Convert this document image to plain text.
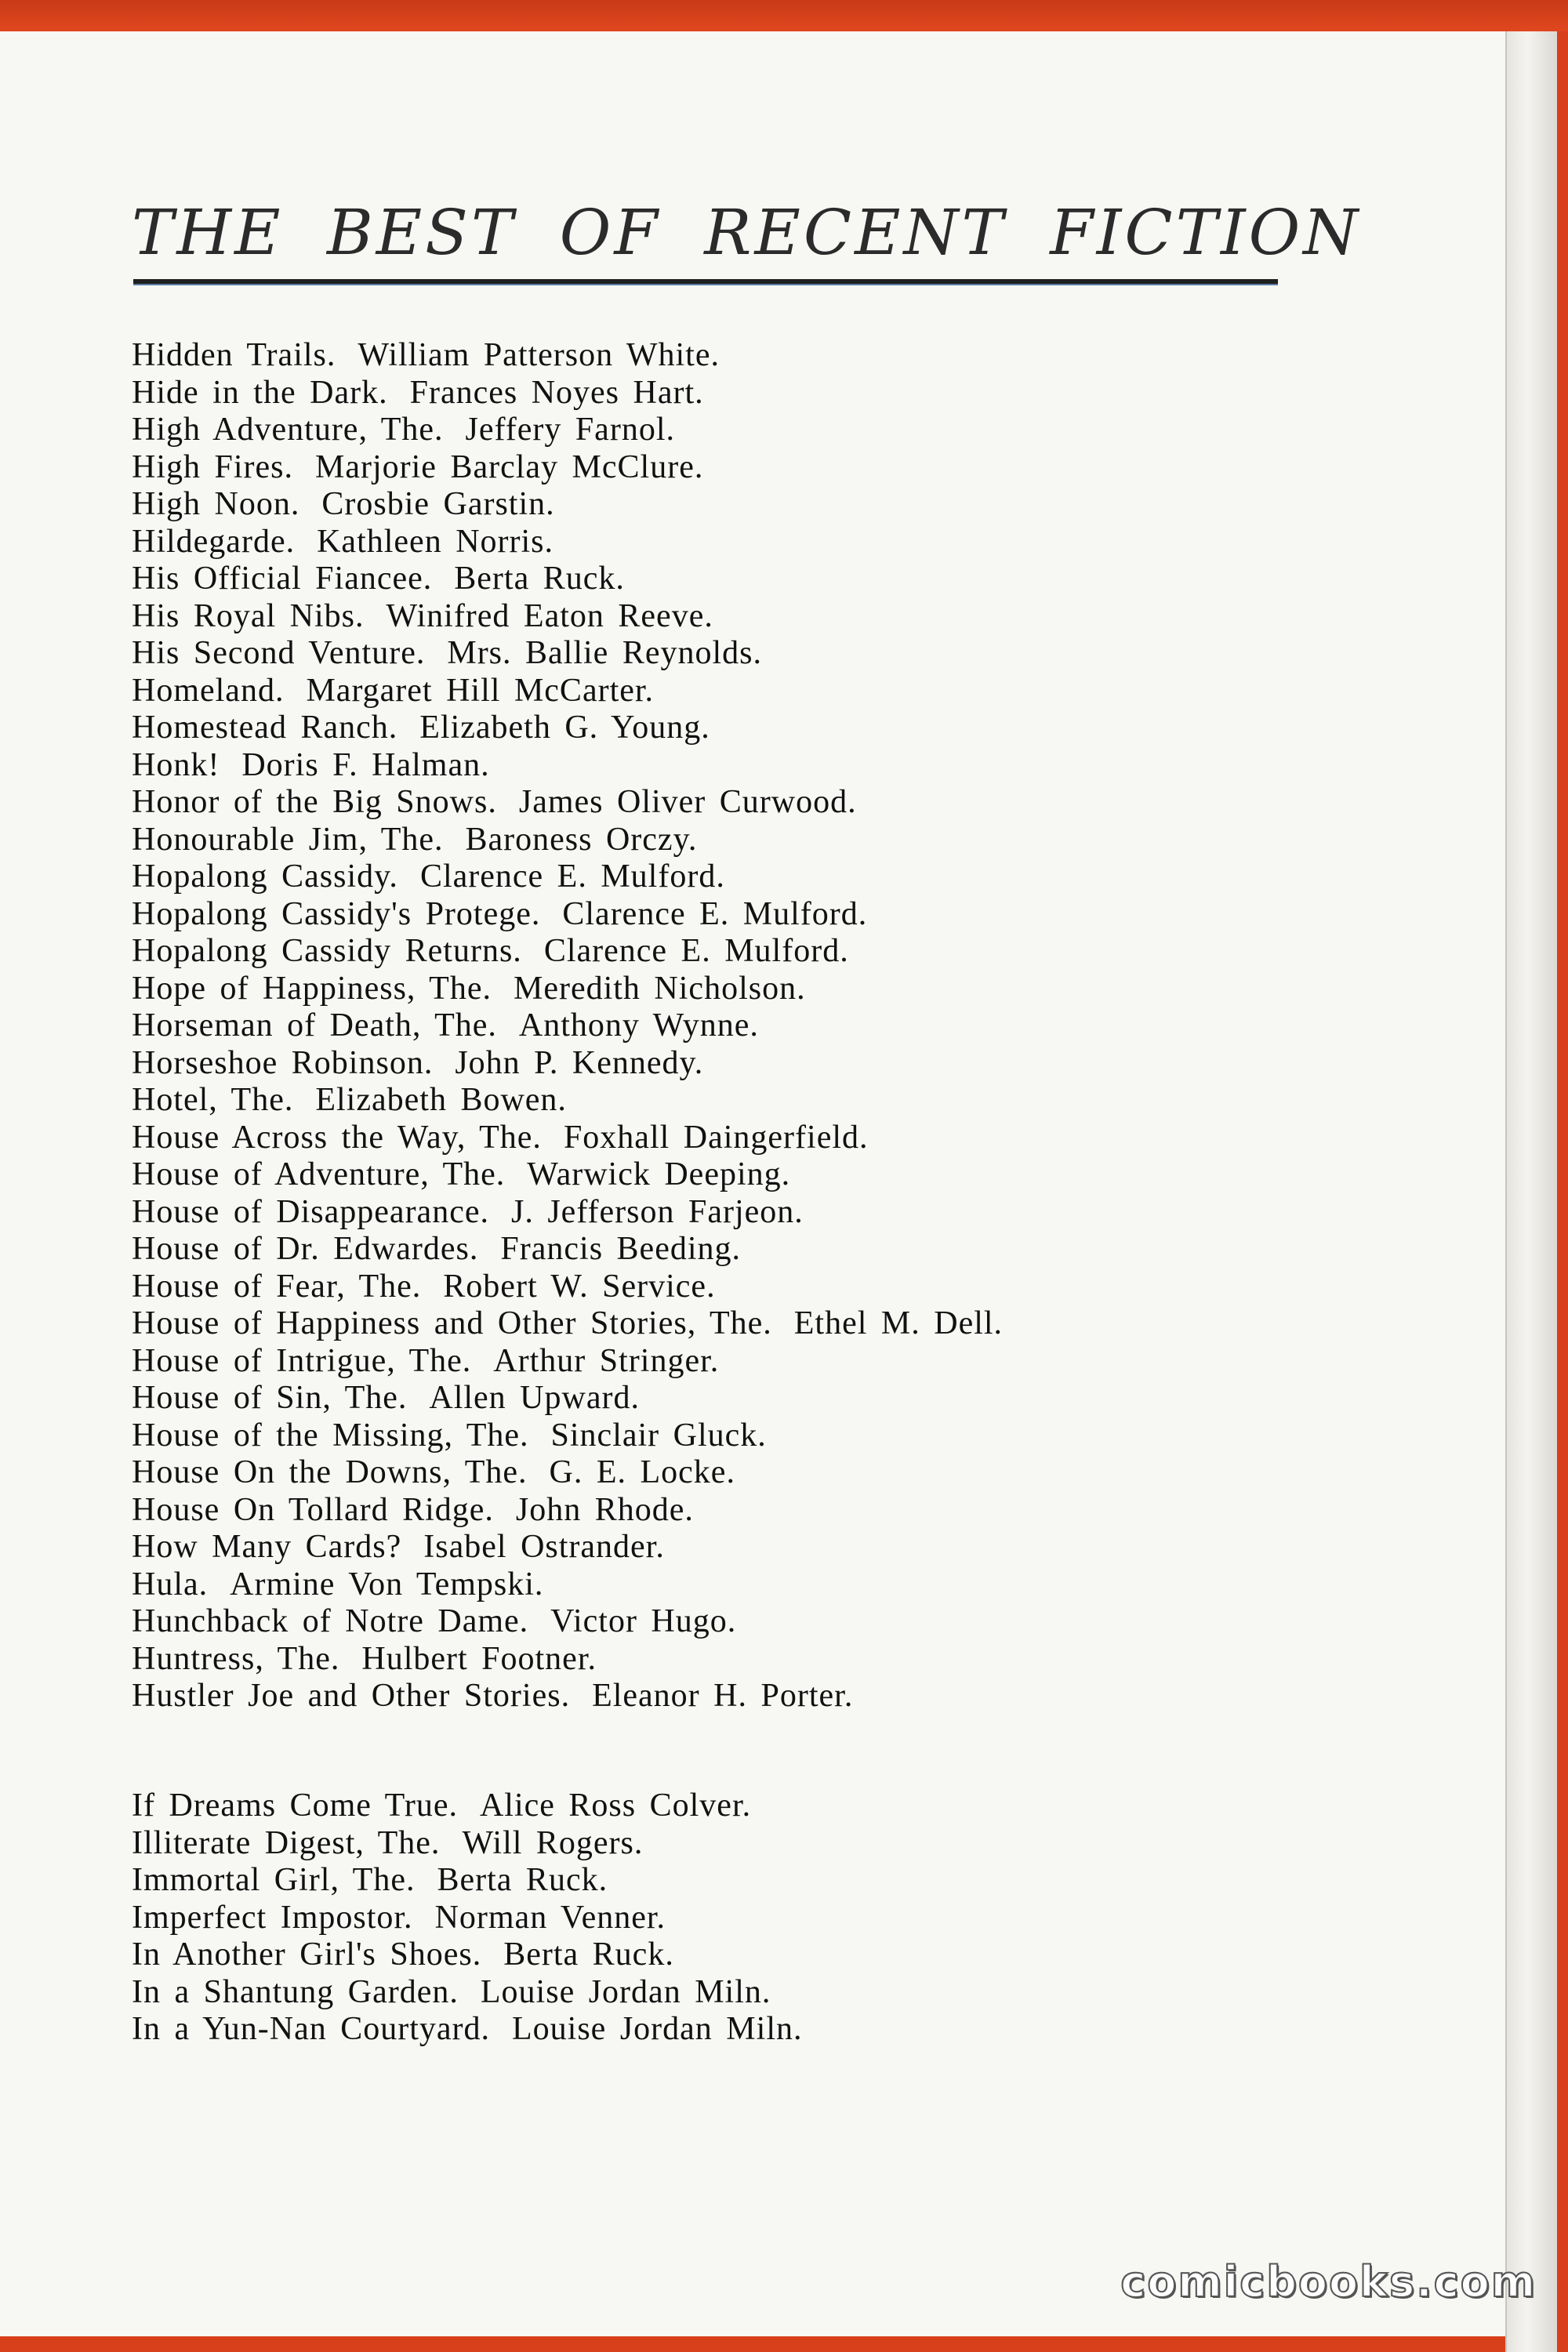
THE BEST OF RECENT FICTION
Hidden Trails. William Patterson White.
Hide in the Dark. Frances Noyes Hart.
High Adventure, The. Jeffery Farnol.
High Fires. Marjorie Barclay McClure.
High Noon. Crosbie Garstin.
Hildegarde. Kathleen Norris.
His Official Fiancee. Berta Ruck.
His Royal Nibs. Winifred Eaton Reeve.
His Second Venture. Mrs. Ballie Reynolds.
Homeland. Margaret Hill McCarter.
Homestead Ranch. Elizabeth G. Young.
Honk! Doris F. Halman.
Honor of the Big Snows. James Oliver Curwood.
Honourable Jim, The. Baroness Orczy.
Hopalong Cassidy. Clarence E. Mulford.
Hopalong Cassidy's Protege. Clarence E. Mulford.
Hopalong Cassidy Returns. Clarence E. Mulford.
Hope of Happiness, The. Meredith Nicholson.
Horseman of Death, The. Anthony Wynne.
Horseshoe Robinson. John P. Kennedy.
Hotel, The. Elizabeth Bowen.
House Across the Way, The. Foxhall Daingerfield.
House of Adventure, The. Warwick Deeping.
House of Disappearance. J. Jefferson Farjeon.
House of Dr. Edwardes. Francis Beeding.
House of Fear, The. Robert W. Service.
House of Happiness and Other Stories, The. Ethel M. Dell.
House of Intrigue, The. Arthur Stringer.
House of Sin, The. Allen Upward.
House of the Missing, The. Sinclair Gluck.
House On the Downs, The. G. E. Locke.
House On Tollard Ridge. John Rhode.
How Many Cards? Isabel Ostrander.
Hula. Armine Von Tempski.
Hunchback of Notre Dame. Victor Hugo.
Huntress, The. Hulbert Footner.
Hustler Joe and Other Stories. Eleanor H. Porter.
If Dreams Come True. Alice Ross Colver.
Illiterate Digest, The. Will Rogers.
Immortal Girl, The. Berta Ruck.
Imperfect Impostor. Norman Venner.
In Another Girl's Shoes. Berta Ruck.
In a Shantung Garden. Louise Jordan Miln.
In a Yun-Nan Courtyard. Louise Jordan Miln.
comicbooks.com
